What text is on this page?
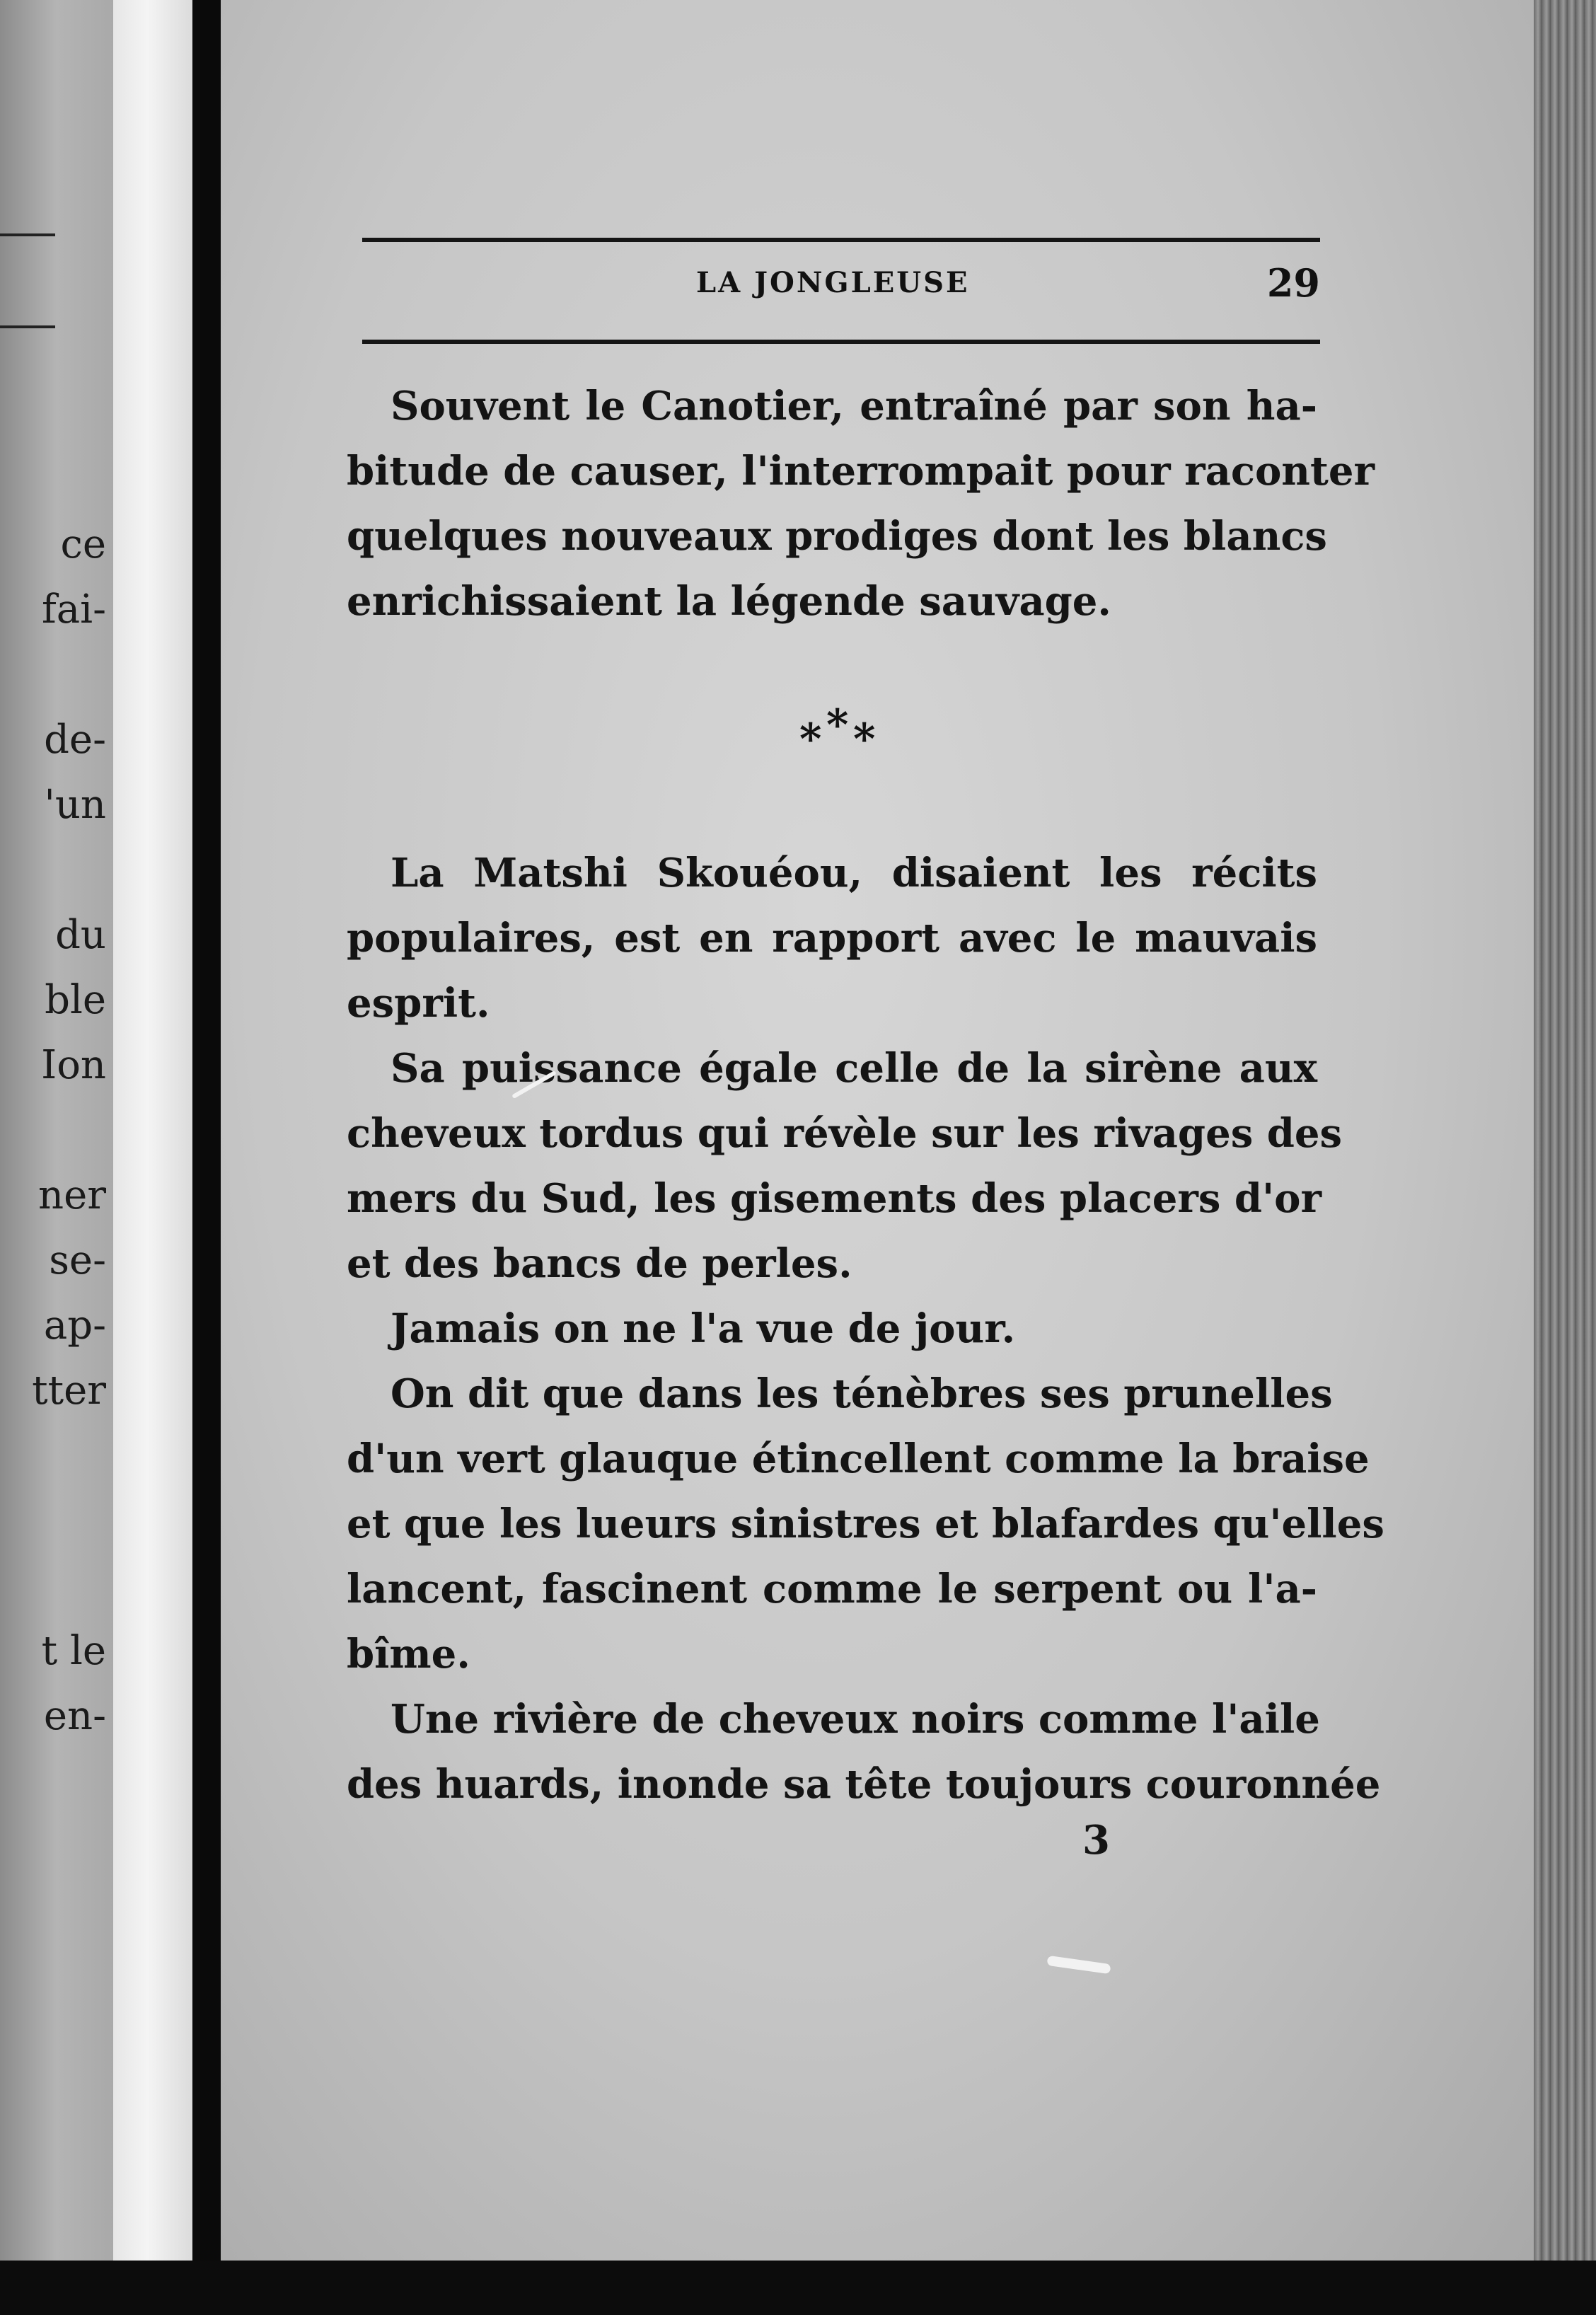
ce
fai-
de-
'un
du
ble
Ion
ner
se-
ap-
tter
t le
en-
LA JONGLEUSE	29
Souvent le Canotier, entraîné par son ha-
bitude de causer, l'interrompait pour raconter
quelques nouveaux prodiges dont les blancs
enrichissaient la légende sauvage.
* * *
La Matshi Skouéou, disaient les récits
populaires, est en rapport avec le mauvais
esprit.
Sa puissance égale celle de la sirène aux
cheveux tordus qui révèle sur les rivages des
mers du Sud, les gisements des placers d'or
et des bancs de perles.
Jamais on ne l'a vue de jour.
On dit que dans les ténèbres ses prunelles
d'un vert glauque étincellent comme la braise
et que les lueurs sinistres et blafardes qu'elles
lancent, fascinent comme le serpent ou l'a-
bîme.
Une rivière de cheveux noirs comme l'aile
des huards, inonde sa tête toujours couronnée
3
